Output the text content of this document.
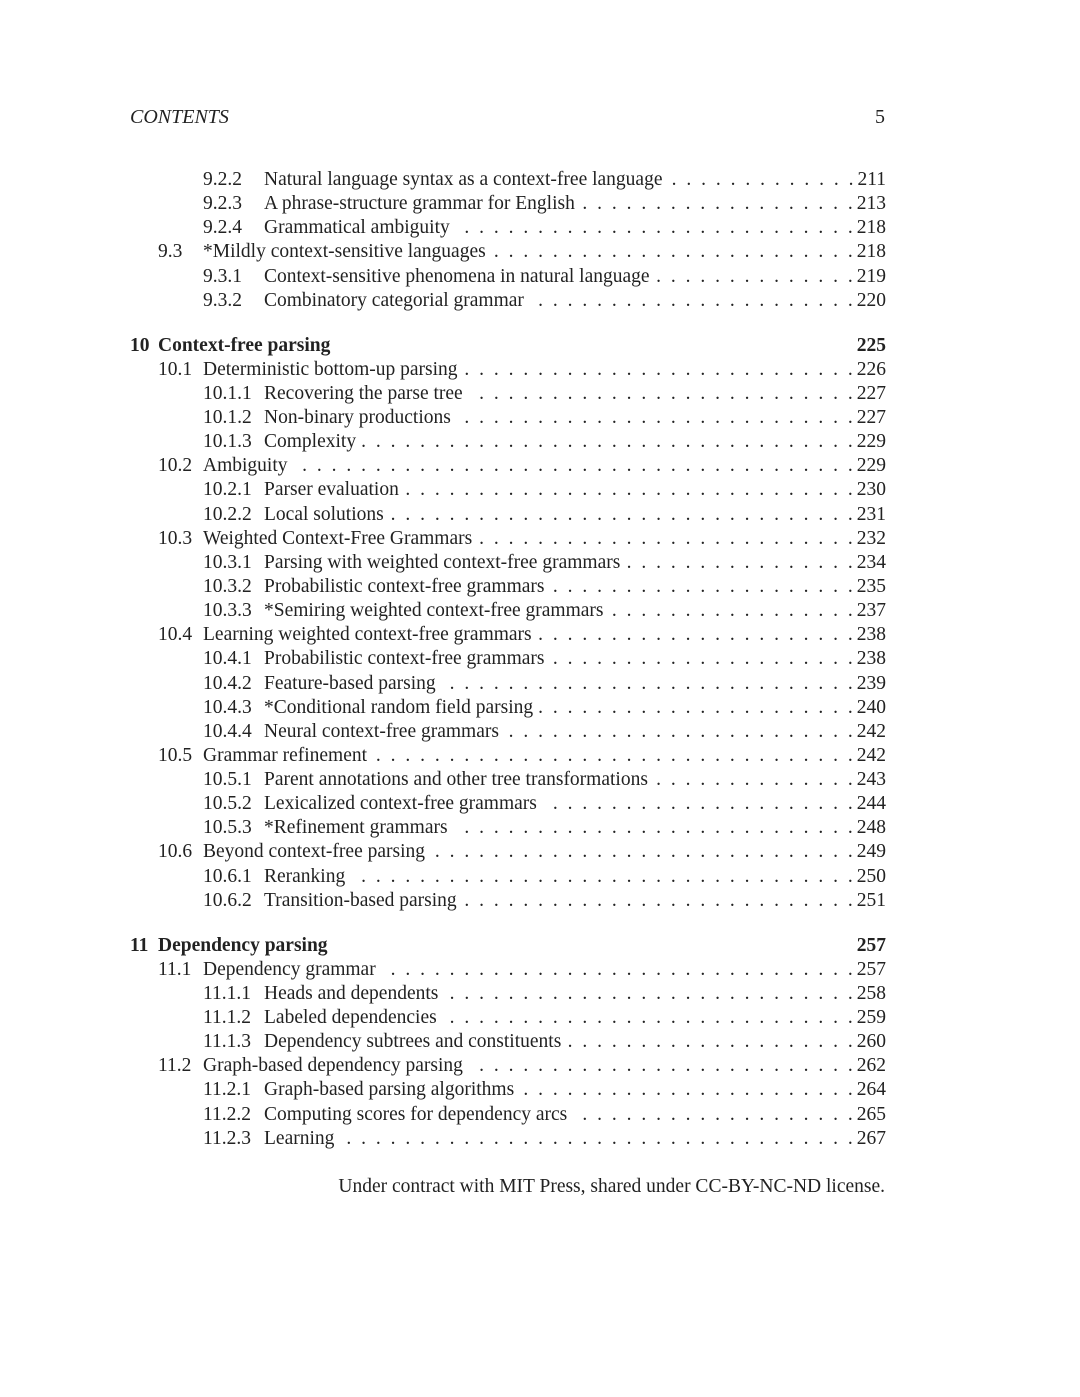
CONTENTS	5
9.2.2	Natural language syntax as a context-free language . . .	211
9.2.3	A phrase-structure grammar for English . . .	213
9.2.4	Grammatical ambiguity . . .	218
9.3	*Mildly context-sensitive languages . . .	218
9.3.1	Context-sensitive phenomena in natural language . . .	219
9.3.2	Combinatory categorial grammar . . .	220
10 Context-free parsing	225
10.1 Deterministic bottom-up parsing . . .	226
10.1.1 Recovering the parse tree . . .	227
10.1.2 Non-binary productions . . .	227
10.1.3 Complexity . . .	229
10.2 Ambiguity . . .	229
10.2.1 Parser evaluation . . .	230
10.2.2 Local solutions . . .	231
10.3 Weighted Context-Free Grammars . . .	232
10.3.1 Parsing with weighted context-free grammars . . .	234
10.3.2 Probabilistic context-free grammars . . .	235
10.3.3 *Semiring weighted context-free grammars . . .	237
10.4 Learning weighted context-free grammars . . .	238
10.4.1 Probabilistic context-free grammars . . .	238
10.4.2 Feature-based parsing . . .	239
10.4.3 *Conditional random field parsing . . .	240
10.4.4 Neural context-free grammars . . .	242
10.5 Grammar refinement . . .	242
10.5.1 Parent annotations and other tree transformations . . .	243
10.5.2 Lexicalized context-free grammars . . .	244
10.5.3 *Refinement grammars . . .	248
10.6 Beyond context-free parsing . . .	249
10.6.1 Reranking . . .	250
10.6.2 Transition-based parsing . . .	251
11 Dependency parsing	257
11.1 Dependency grammar . . .	257
11.1.1 Heads and dependents . . .	258
11.1.2 Labeled dependencies . . .	259
11.1.3 Dependency subtrees and constituents . . .	260
11.2 Graph-based dependency parsing . . .	262
11.2.1 Graph-based parsing algorithms . . .	264
11.2.2 Computing scores for dependency arcs . . .	265
11.2.3 Learning . . .	267
Under contract with MIT Press, shared under CC-BY-NC-ND license.
